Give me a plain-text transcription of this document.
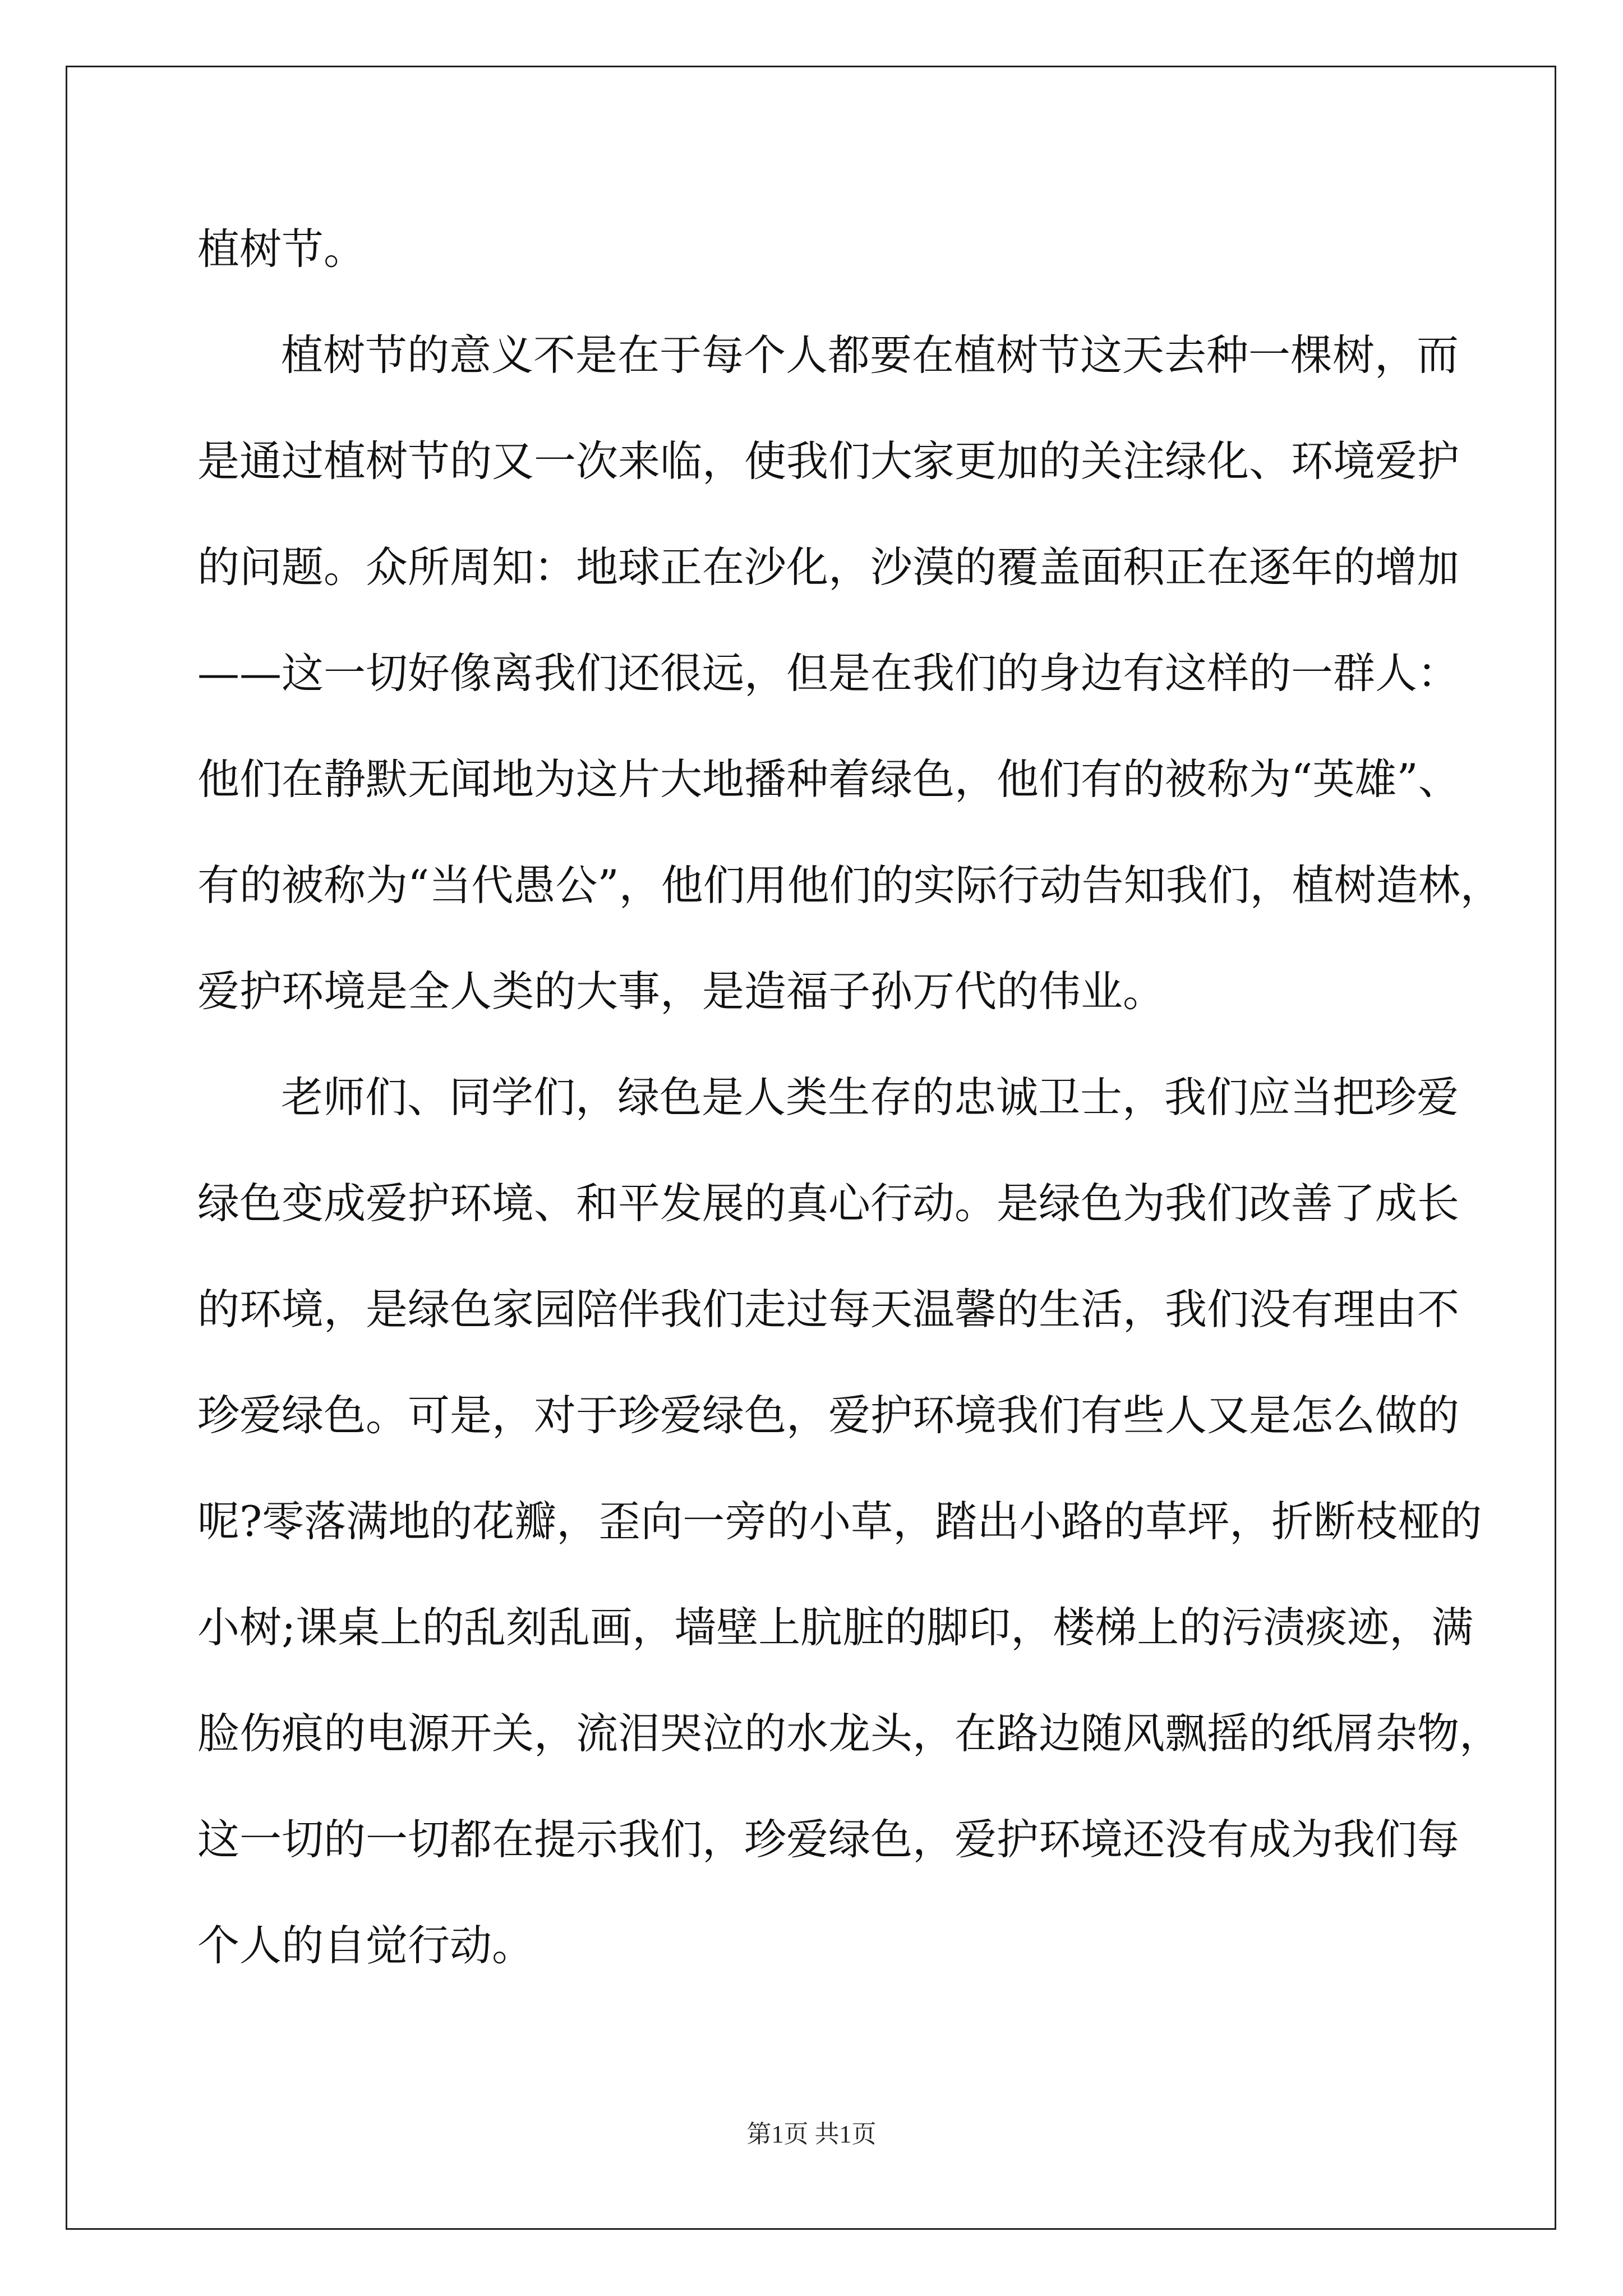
植树节。
植树节的意义不是在于每个人都要在植树节这天去种一棵树，而
是通过植树节的又一次来临，使我们大家更加的关注绿化、环境爱护
的问题。众所周知：地球正在沙化，沙漠的覆盖面积正在逐年的增加
——这一切好像离我们还很远，但是在我们的身边有这样的一群人：
他们在静默无闻地为这片大地播种着绿色，他们有的被称为“英雄”、
有的被称为“当代愚公”，他们用他们的实际行动告知我们，植树造林，
爱护环境是全人类的大事，是造福子孙万代的伟业。
老师们、同学们，绿色是人类生存的忠诚卫士，我们应当把珍爱
绿色变成爱护环境、和平发展的真心行动。是绿色为我们改善了成长
的环境，是绿色家园陪伴我们走过每天温馨的生活，我们没有理由不
珍爱绿色。可是，对于珍爱绿色，爱护环境我们有些人又是怎么做的
呢?零落满地的花瓣，歪向一旁的小草，踏出小路的草坪，折断枝桠的
小树;课桌上的乱刻乱画，墙壁上肮脏的脚印，楼梯上的污渍痰迹，满
脸伤痕的电源开关，流泪哭泣的水龙头，在路边随风飘摇的纸屑杂物，
这一切的一切都在提示我们，珍爱绿色，爱护环境还没有成为我们每
个人的自觉行动。
第1页 共1页
